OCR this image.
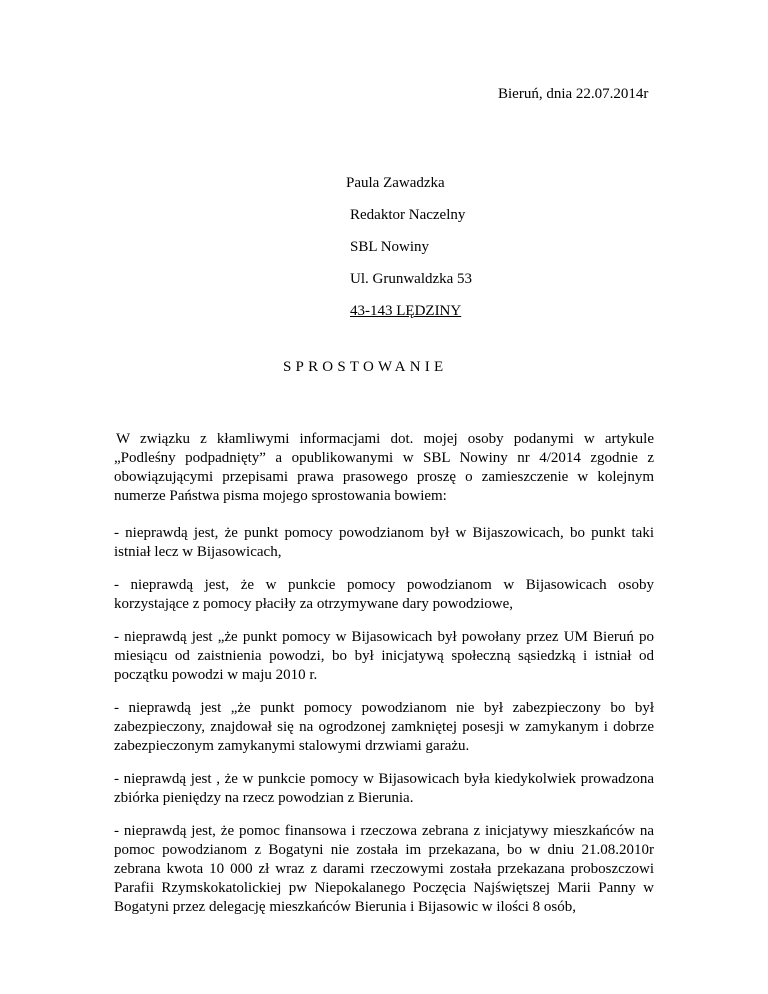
Bieruń, dnia 22.07.2014r
Paula Zawadzka
Redaktor Naczelny
SBL Nowiny
Ul. Grunwaldzka 53
43-143 LĘDZINY
SPROSTOWANIE

W związku z kłamliwymi informacjami dot. mojej osoby podanymi w artykule „Podleśny podpadnięty” a opublikowanymi w SBL Nowiny nr 4/2014 zgodnie z obowiązującymi przepisami prawa prasowego proszę o zamieszczenie w kolejnym numerze Państwa pisma mojego sprostowania bowiem:

- nieprawdą jest, że punkt pomocy powodzianom był w Bijaszowicach, bo punkt taki istniał lecz w Bijasowicach,

- nieprawdą jest, że w punkcie pomocy powodzianom w Bijasowicach osoby korzystające z pomocy płaciły za otrzymywane dary powodziowe,

- nieprawdą jest „że punkt pomocy w Bijasowicach był powołany przez UM Bieruń po miesiącu od zaistnienia powodzi, bo był inicjatywą społeczną sąsiedzką i istniał od początku powodzi w maju 2010 r.

- nieprawdą jest „że punkt pomocy powodzianom nie był zabezpieczony bo był zabezpieczony, znajdował się na ogrodzonej zamkniętej posesji w zamykanym i dobrze zabezpieczonym zamykanymi stalowymi drzwiami garażu.

- nieprawdą jest , że w punkcie pomocy w Bijasowicach była kiedykolwiek prowadzona zbiórka pieniędzy na rzecz powodzian z Bierunia.

- nieprawdą jest, że pomoc finansowa i rzeczowa zebrana z inicjatywy mieszkańców na pomoc powodzianom z Bogatyni nie została im przekazana, bo w dniu 21.08.2010r zebrana kwota 10 000 zł wraz z darami rzeczowymi została przekazana proboszczowi Parafii Rzymskokatolickiej pw Niepokalanego Poczęcia Najświętszej Marii Panny w Bogatyni przez delegację mieszkańców Bierunia i Bijasowic w ilości 8 osób,
